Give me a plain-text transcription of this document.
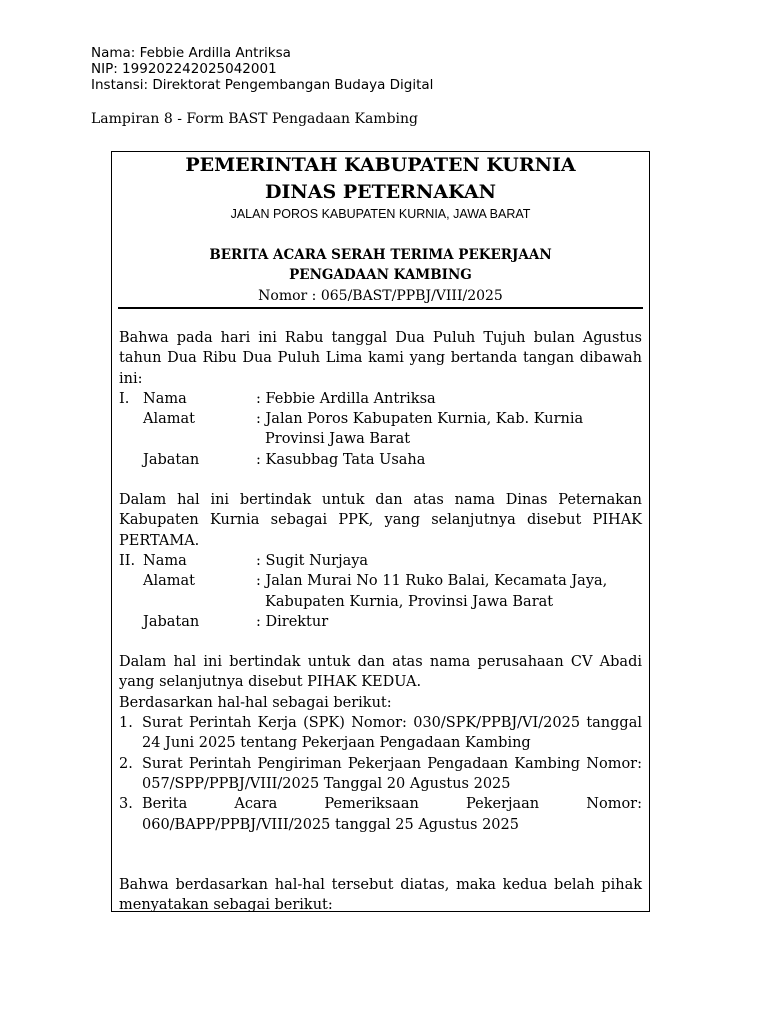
Nama: Febbie Ardilla Antriksa
NIP: 199202242025042001
Instansi: Direktorat Pengembangan Budaya Digital
Lampiran 8 - Form BAST Pengadaan Kambing
PEMERINTAH KABUPATEN KURNIA
DINAS PETERNAKAN
JALAN POROS KABUPATEN KURNIA, JAWA BARAT
BERITA ACARA SERAH TERIMA PEKERJAAN
PENGADAAN KAMBING
Nomor : 065/BAST/PPBJ/VIII/2025
Bahwa pada hari ini Rabu tanggal Dua Puluh Tujuh bulan Agustus tahun Dua Ribu Dua Puluh Lima kami yang bertanda tangan dibawah ini:
I. Nama	: Febbie Ardilla Antriksa
Alamat	: Jalan Poros Kabupaten Kurnia, Kab. Kurnia
Provinsi Jawa Barat
Jabatan	: Kasubbag Tata Usaha
Dalam hal ini bertindak untuk dan atas nama Dinas Peternakan Kabupaten Kurnia sebagai PPK, yang selanjutnya disebut PIHAK PERTAMA.
II. Nama	: Sugit Nurjaya
Alamat	: Jalan Murai No 11 Ruko Balai, Kecamata Jaya,
Kabupaten Kurnia, Provinsi Jawa Barat
Jabatan	: Direktur
Dalam hal ini bertindak untuk dan atas nama perusahaan CV Abadi yang selanjutnya disebut PIHAK KEDUA.
Berdasarkan hal-hal sebagai berikut:
1. Surat Perintah Kerja (SPK) Nomor: 030/SPK/PPBJ/VI/2025 tanggal 24 Juni 2025 tentang Pekerjaan Pengadaan Kambing
2. Surat Perintah Pengiriman Pekerjaan Pengadaan Kambing Nomor: 057/SPP/PPBJ/VIII/2025 Tanggal 20 Agustus 2025
3. Berita Acara Pemeriksaan Pekerjaan Nomor:
060/BAPP/PPBJ/VIII/2025 tanggal 25 Agustus 2025
Bahwa berdasarkan hal-hal tersebut diatas, maka kedua belah pihak menyatakan sebagai berikut:
